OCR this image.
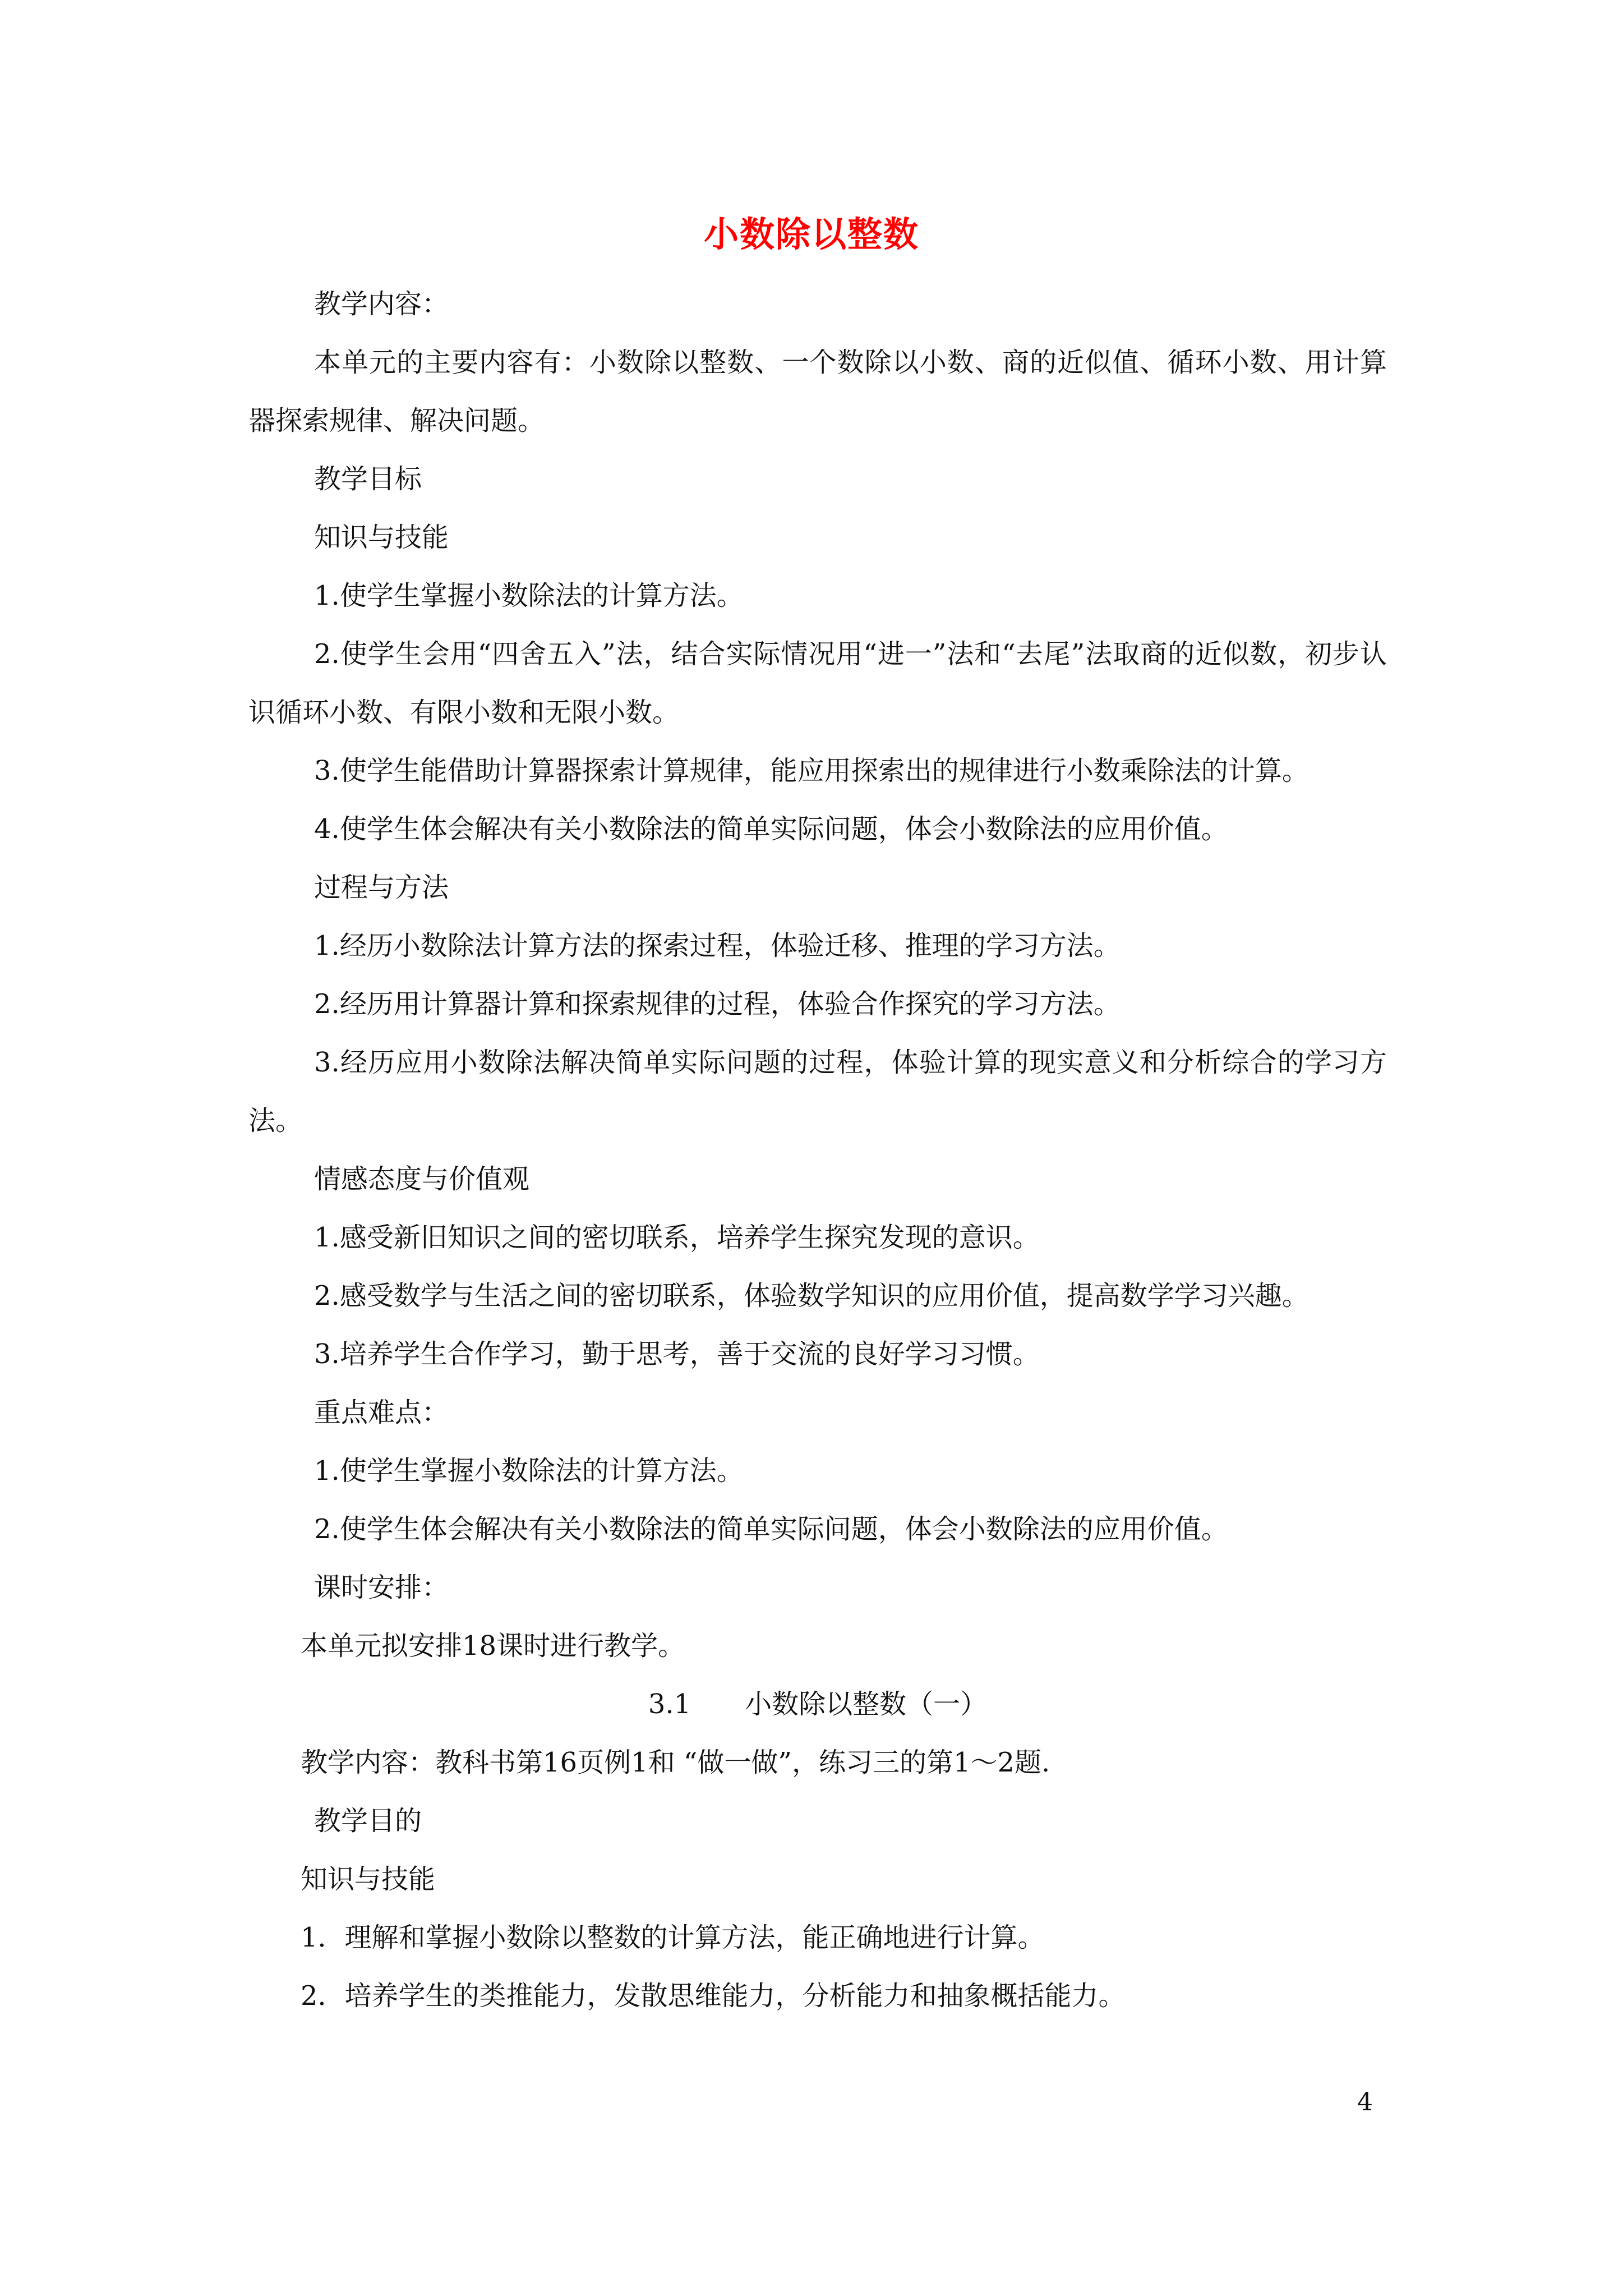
小数除以整数

教学内容：

本单元的主要内容有：小数除以整数、一个数除以小数、商的近似值、循环小数、用计算器探索规律、解决问题。

教学目标

知识与技能

1.使学生掌握小数除法的计算方法。

2.使学生会用“四舍五入”法，结合实际情况用“进一”法和“去尾”法取商的近似数，初步认识循环小数、有限小数和无限小数。

3.使学生能借助计算器探索计算规律，能应用探索出的规律进行小数乘除法的计算。

4.使学生体会解决有关小数除法的简单实际问题，体会小数除法的应用价值。

过程与方法

1.经历小数除法计算方法的探索过程，体验迁移、推理的学习方法。

2.经历用计算器计算和探索规律的过程，体验合作探究的学习方法。

3.经历应用小数除法解决简单实际问题的过程，体验计算的现实意义和分析综合的学习方法。

情感态度与价值观

1.感受新旧知识之间的密切联系，培养学生探究发现的意识。

2.感受数学与生活之间的密切联系，体验数学知识的应用价值，提高数学学习兴趣。

3.培养学生合作学习，勤于思考，善于交流的良好学习习惯。

重点难点：

1.使学生掌握小数除法的计算方法。

2.使学生体会解决有关小数除法的简单实际问题，体会小数除法的应用价值。

课时安排：

本单元拟安排18课时进行教学。

3.1　　小数除以整数（一）

教学内容：教科书第16页例1和 “做一做”，练习三的第1～2题.

教学目的

知识与技能

1．理解和掌握小数除以整数的计算方法，能正确地进行计算。

2．培养学生的类推能力，发散思维能力，分析能力和抽象概括能力。

4
